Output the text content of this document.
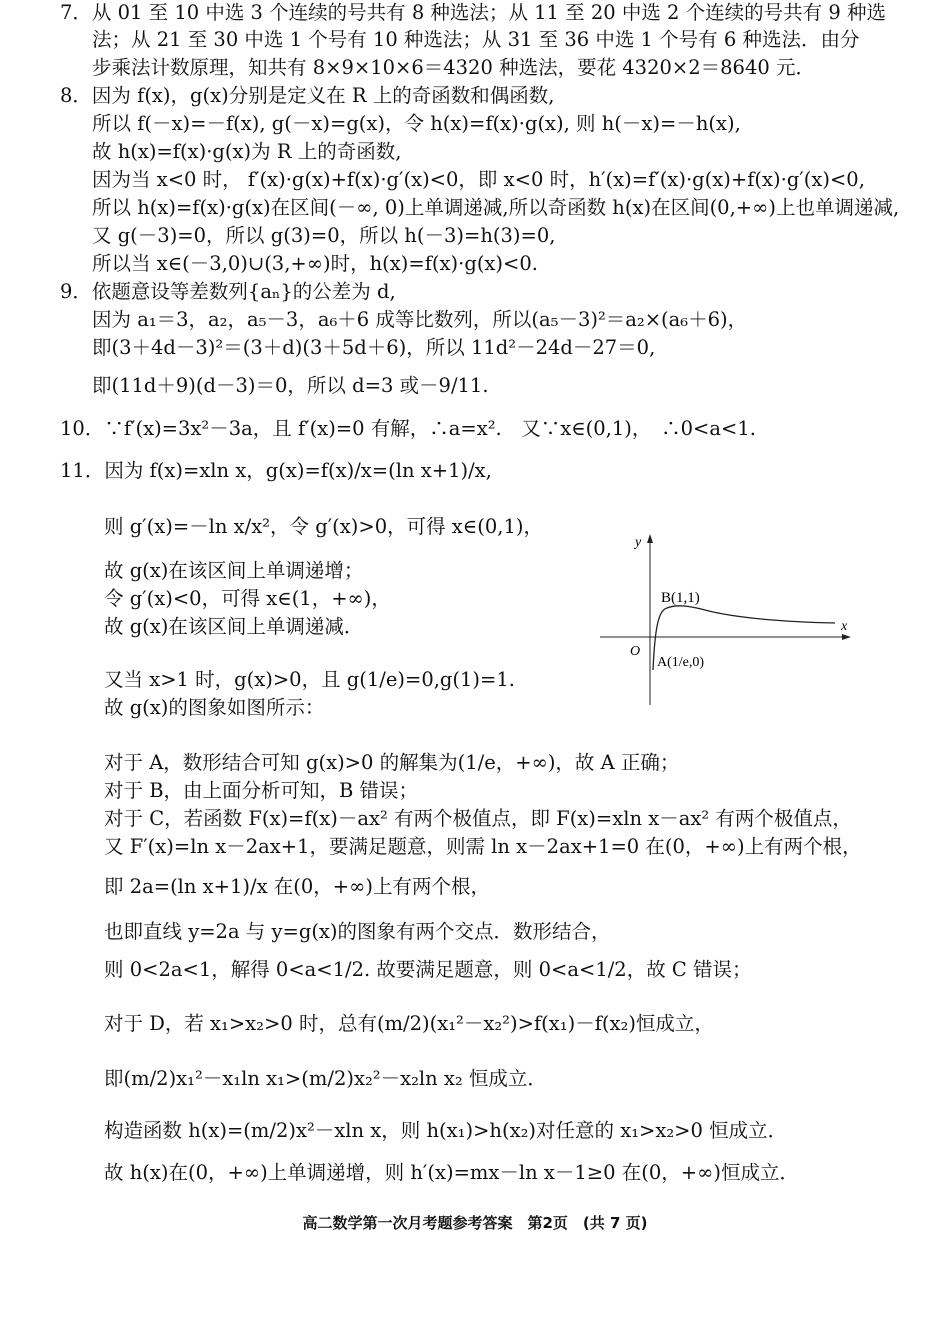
7．从 01 至 10 中选 3 个连续的号共有 8 种选法；从 11 至 20 中选 2 个连续的号共有 9 种选
法；从 21 至 30 中选 1 个号有 10 种选法；从 31 至 36 中选 1 个号有 6 种选法．由分
步乘法计数原理，知共有 8×9×10×6＝4320 种选法，要花 4320×2＝8640 元．
8．因为 f(x)，g(x)分别是定义在 R 上的奇函数和偶函数,
所以 f(－x)=－f(x), g(－x)=g(x)，令 h(x)=f(x)·g(x), 则 h(－x)=－h(x),
故 h(x)=f(x)·g(x)为 R 上的奇函数,
因为当 x<0 时， f′(x)·g(x)+f(x)·g′(x)<0，即 x<0 时，h′(x)=f′(x)·g(x)+f(x)·g′(x)<0,
所以 h(x)=f(x)·g(x)在区间(－∞, 0)上单调递减,所以奇函数 h(x)在区间(0,+∞)上也单调递减,
又 g(－3)=0，所以 g(3)=0，所以 h(－3)=h(3)=0,
所以当 x∈(－3,0)∪(3,+∞)时，h(x)=f(x)·g(x)<0.
9．依题意设等差数列{aₙ}的公差为 d,
因为 a₁＝3，a₂，a₅－3，a₆＋6 成等比数列，所以(a₅－3)²＝a₂×(a₆＋6)，
即(3＋4d－3)²＝(3＋d)(3＋5d＋6)，所以 11d²－24d－27＝0,
即(11d＋9)(d－3)＝0，所以 d=3 或－9/11.
10．∵f′(x)=3x²－3a，且 f′(x)=0 有解，∴a=x².　又∵x∈(0,1)，　∴0<a<1.
11．因为 f(x)=xln x，g(x)=f(x)/x=(ln x+1)/x,
则 g′(x)=－ln x/x²，令 g′(x)>0，可得 x∈(0,1)，
故 g(x)在该区间上单调递增；
令 g′(x)<0，可得 x∈(1，+∞)，
故 g(x)在该区间上单调递减．
又当 x>1 时，g(x)>0，且 g(1/e)=0,g(1)=1.
故 g(x)的图象如图所示：
对于 A，数形结合可知 g(x)>0 的解集为(1/e，+∞)，故 A 正确；
对于 B，由上面分析可知，B 错误；
对于 C，若函数 F(x)=f(x)－ax² 有两个极值点，即 F(x)=xln x－ax² 有两个极值点，
又 F′(x)=ln x－2ax+1，要满足题意，则需 ln x－2ax+1=0 在(0，+∞)上有两个根，
即 2a=(ln x+1)/x 在(0，+∞)上有两个根，
也即直线 y=2a 与 y=g(x)的图象有两个交点．数形结合，
则 0<2a<1，解得 0<a<1/2. 故要满足题意，则 0<a<1/2，故 C 错误；
对于 D，若 x₁>x₂>0 时，总有(m/2)(x₁²－x₂²)>f(x₁)－f(x₂)恒成立，
即(m/2)x₁²－x₁ln x₁>(m/2)x₂²－x₂ln x₂ 恒成立．
构造函数 h(x)=(m/2)x²－xln x，则 h(x₁)>h(x₂)对任意的 x₁>x₂>0 恒成立．
故 h(x)在(0，+∞)上单调递增，则 h′(x)=mx－ln x－1≥0 在(0，+∞)恒成立．
y
x
O
B(1,1)
A(1/e,0)
高二数学第一次月考题参考答案　第2页　(共 7 页)
